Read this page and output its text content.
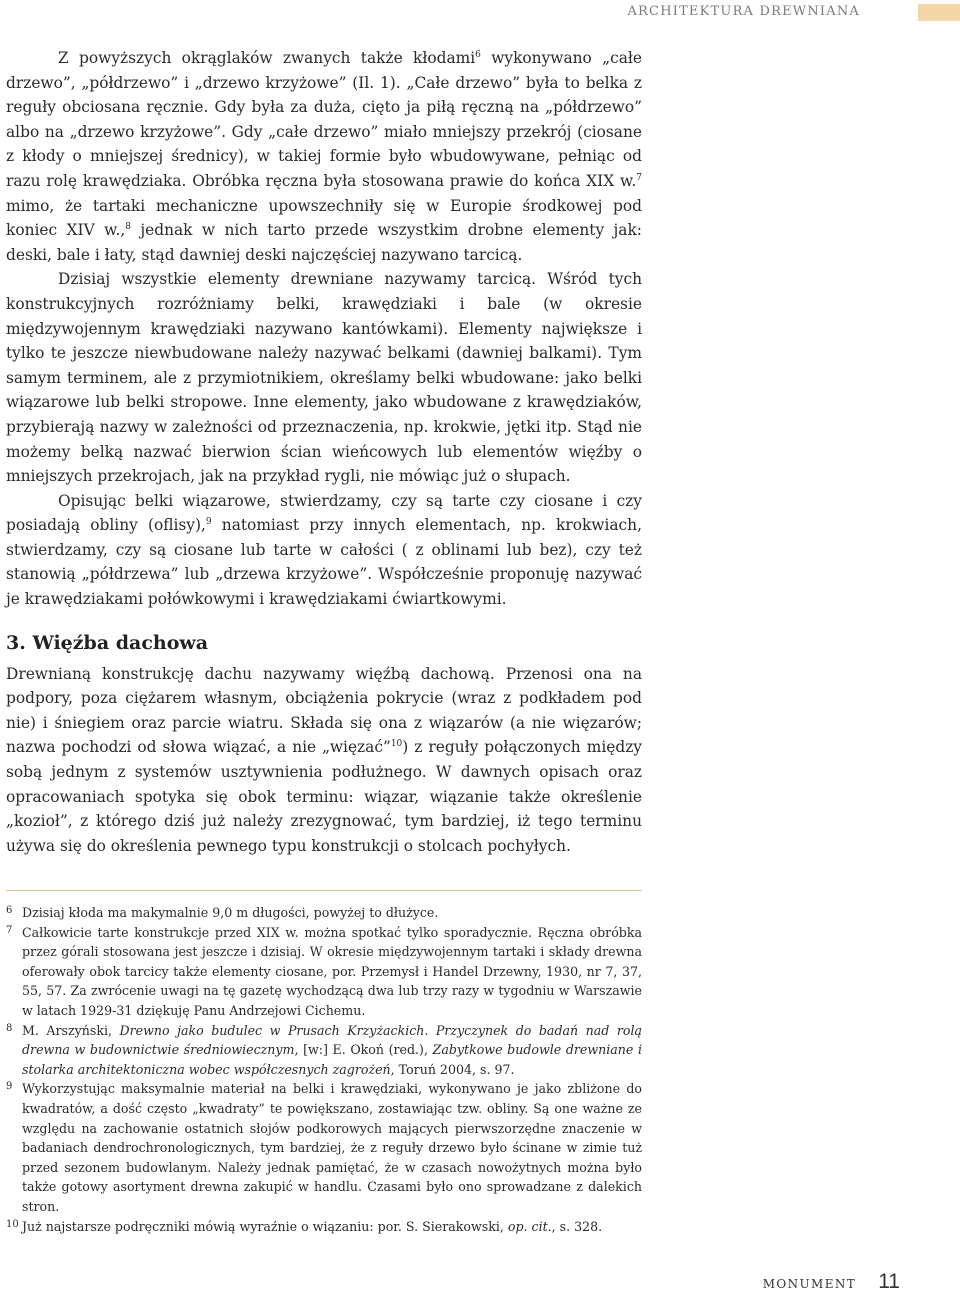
ARCHITEKTURA DREWNIANA

Z powyższych okrąglaków zwanych także kłodami$^6$ wykonywano „całe drzewo”, „półdrzewo” i „drzewo krzyżowe” (Il. 1). „Całe drzewo” była to belka z reguły obciosana ręcznie. Gdy była za duża, cięto ja piłą ręczną na „półdrzewo” albo na „drzewo krzyżowe”. Gdy „całe drzewo” miało mniejszy przekrój (ciosane z kłody o mniejszej średnicy), w takiej formie było wbudowywane, pełniąc od razu rolę krawędziaka. Obróbka ręczna była stosowana prawie do końca XIX w.$^7$ mimo, że tartaki mechaniczne upowszechniły się w Europie środkowej pod koniec XIV w.,$^8$ jednak w nich tarto przede wszystkim drobne elementy jak: deski, bale i łaty, stąd dawniej deski najczęściej nazywano tarcicą.

Dzisiaj wszystkie elementy drewniane nazywamy tarcicą. Wśród tych konstrukcyjnych rozróżniamy belki, krawędziaki i bale (w okresie międzywojennym krawędziaki nazywano kantówkami). Elementy największe i tylko te jeszcze niewbudowane należy nazywać belkami (dawniej balkami). Tym samym terminem, ale z przymiotnikiem, określamy belki wbudowane: jako belki wiązarowe lub belki stropowe. Inne elementy, jako wbudowane z krawędziaków, przybierają nazwy w zależności od przeznaczenia, np. krokwie, jętki itp. Stąd nie możemy belką nazwać bierwion ścian wieńcowych lub elementów więźby o mniejszych przekrojach, jak na przykład rygli, nie mówiąc już o słupach.

Opisując belki wiązarowe, stwierdzamy, czy są tarte czy ciosane i czy posiadają obliny (oflisy),$^9$ natomiast przy innych elementach, np. krokwiach, stwierdzamy, czy są ciosane lub tarte w całości ( z oblinami lub bez), czy też stanowią „półdrzewa” lub „drzewa krzyżowe”. Współcześnie proponuję nazywać je krawędziakami połówkowymi i krawędziakami ćwiartkowymi.

3. Więźba dachowa

Drewnianą konstrukcję dachu nazywamy więźbą dachową. Przenosi ona na podpory, poza ciężarem własnym, obciążenia pokrycie (wraz z podkładem pod nie) i śniegiem oraz parcie wiatru. Składa się ona z wiązarów (a nie więzarów; nazwa pochodzi od słowa wiązać, a nie „więzać”$^{10}$) z reguły połączonych między sobą jednym z systemów usztywnienia podłużnego. W dawnych opisach oraz opracowaniach spotyka się obok terminu: wiązar, wiązanie także określenie „kozioł”, z którego dziś już należy zrezygnować, tym bardziej, iż tego terminu używa się do określenia pewnego typu konstrukcji o stolcach pochyłych.

6 Dzisiaj kłoda ma makymalnie 9,0 m długości, powyżej to dłużyce.

7 Całkowicie tarte konstrukcje przed XIX w. można spotkać tylko sporadycznie. Ręczna obróbka przez górali stosowana jest jeszcze i dzisiaj. W okresie międzywojennym tartaki i składy drewna oferowały obok tarcicy także elementy ciosane, por. Przemysł i Handel Drzewny, 1930, nr 7, 37, 55, 57. Za zwrócenie uwagi na tę gazetę wychodzącą dwa lub trzy razy w tygodniu w Warszawie w latach 1929-31 dziękuję Panu Andrzejowi Cichemu.

8 M. Arszyński, Drewno jako budulec w Prusach Krzyżackich. Przyczynek do badań nad rolą drewna w budownictwie średniowiecznym, [w:] E. Okoń (red.), Zabytkowe budowle drewniane i stolarka architektoniczna wobec współczesnych zagrożeń, Toruń 2004, s. 97.

9 Wykorzystując maksymalnie materiał na belki i krawędziaki, wykonywano je jako zbliżone do kwadratów, a dość często „kwadraty” te powiększano, zostawiając tzw. obliny. Są one ważne ze względu na zachowanie ostatnich słojów podkorowych mających pierwszorzędne znaczenie w badaniach dendrochronologicznych, tym bardziej, że z reguły drzewo było ścinane w zimie tuż przed sezonem budowlanym. Należy jednak pamiętać, że w czasach nowożytnych można było także gotowy asortyment drewna zakupić w handlu. Czasami było ono sprowadzane z dalekich stron.

10 Już najstarsze podręczniki mówią wyraźnie o wiązaniu: por. S. Sierakowski, op. cit., s. 328.

MONUMENT 11
